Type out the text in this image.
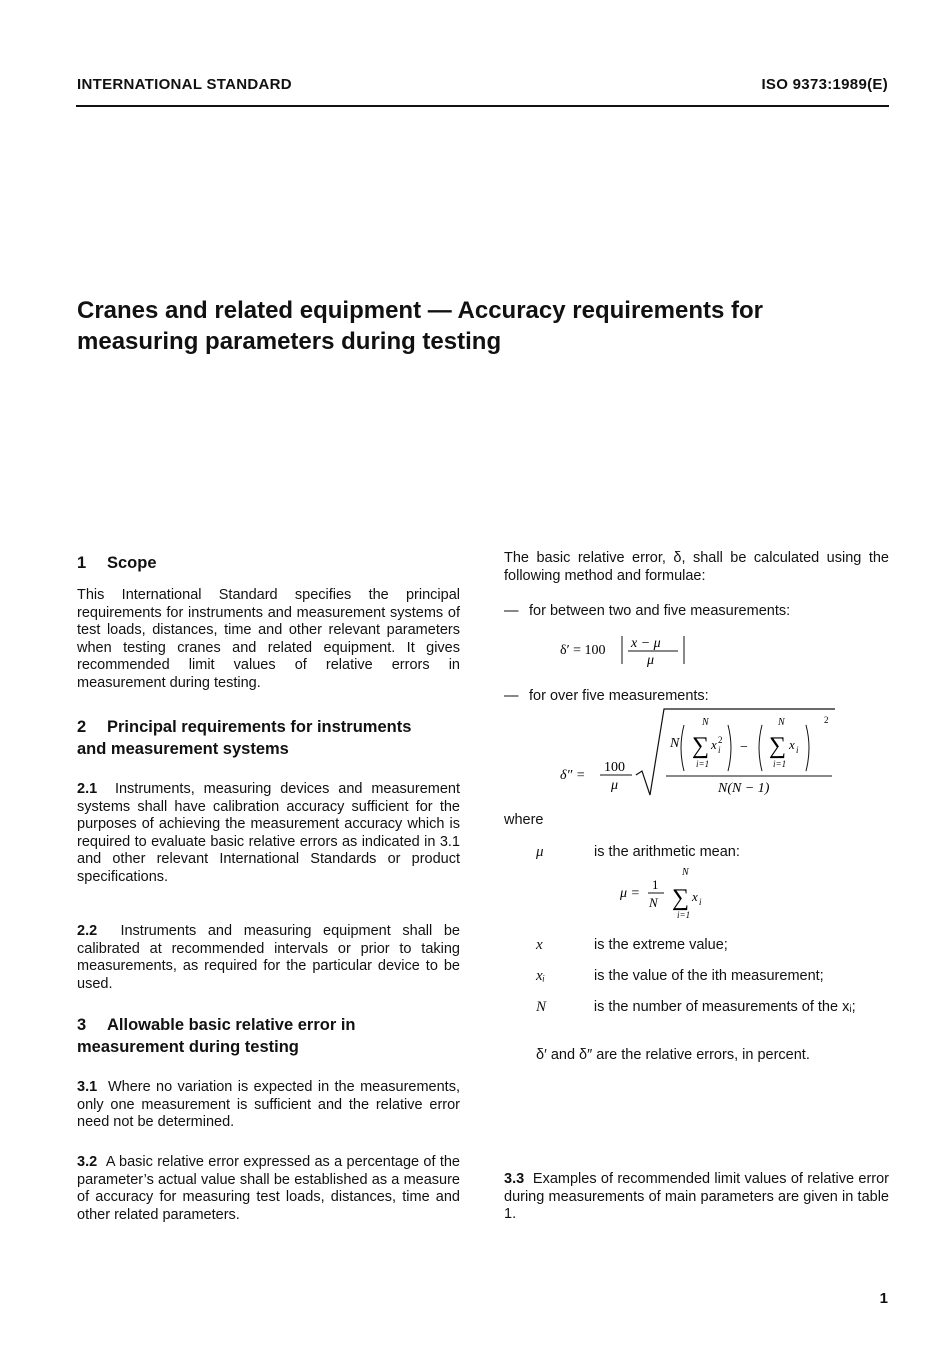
INTERNATIONAL STANDARD	ISO 9373:1989(E)
Cranes and related equipment — Accuracy requirements for
measuring parameters during testing
1 Scope

This International Standard specifies the principal requirements for instruments and measurement systems of test loads, distances, time and other relevant parameters when testing cranes and related equipment. It gives recommended limit values of relative errors in measurement during testing.

2 Principal requirements for instruments
and measurement systems

2.1 Instruments, measuring devices and measurement systems shall have calibration accuracy sufficient for the purposes of achieving the measurement accuracy which is required to evaluate basic relative errors as indicated in 3.1 and other relevant International Standards or product specifications.

2.2 Instruments and measuring equipment shall be calibrated at recommended intervals or prior to taking measurements, as required for the particular device to be used.

3 Allowable basic relative error in
measurement during testing

3.1 Where no variation is expected in the measurements, only one measurement is sufficient and the relative error need not be determined.

3.2 A basic relative error expressed as a percentage of the parameter’s actual value shall be established as a measure of accuracy for measuring test loads, distances, time and other related parameters.

The basic relative error, δ, shall be calculated using the following method and formulae:

— for between two and five measurements:
δ′ = 100 x − μ
μ
— for over five measurements:
δ″ =
100
μ
N
N
∑ x 2
i
i=1
−
N
∑ x i
i=1
2
N(N − 1)
where
μ	is the arithmetic mean:
μ =
1
N
N
∑ x i
i=1
x	is the extreme value;
xᵢ	is the value of the ith measurement;
N	is the number of measurements of the xᵢ;
δ′ and δ″ are the relative errors, in percent.

3.3 Examples of recommended limit values of relative error during measurements of main parameters are given in table 1.

1
